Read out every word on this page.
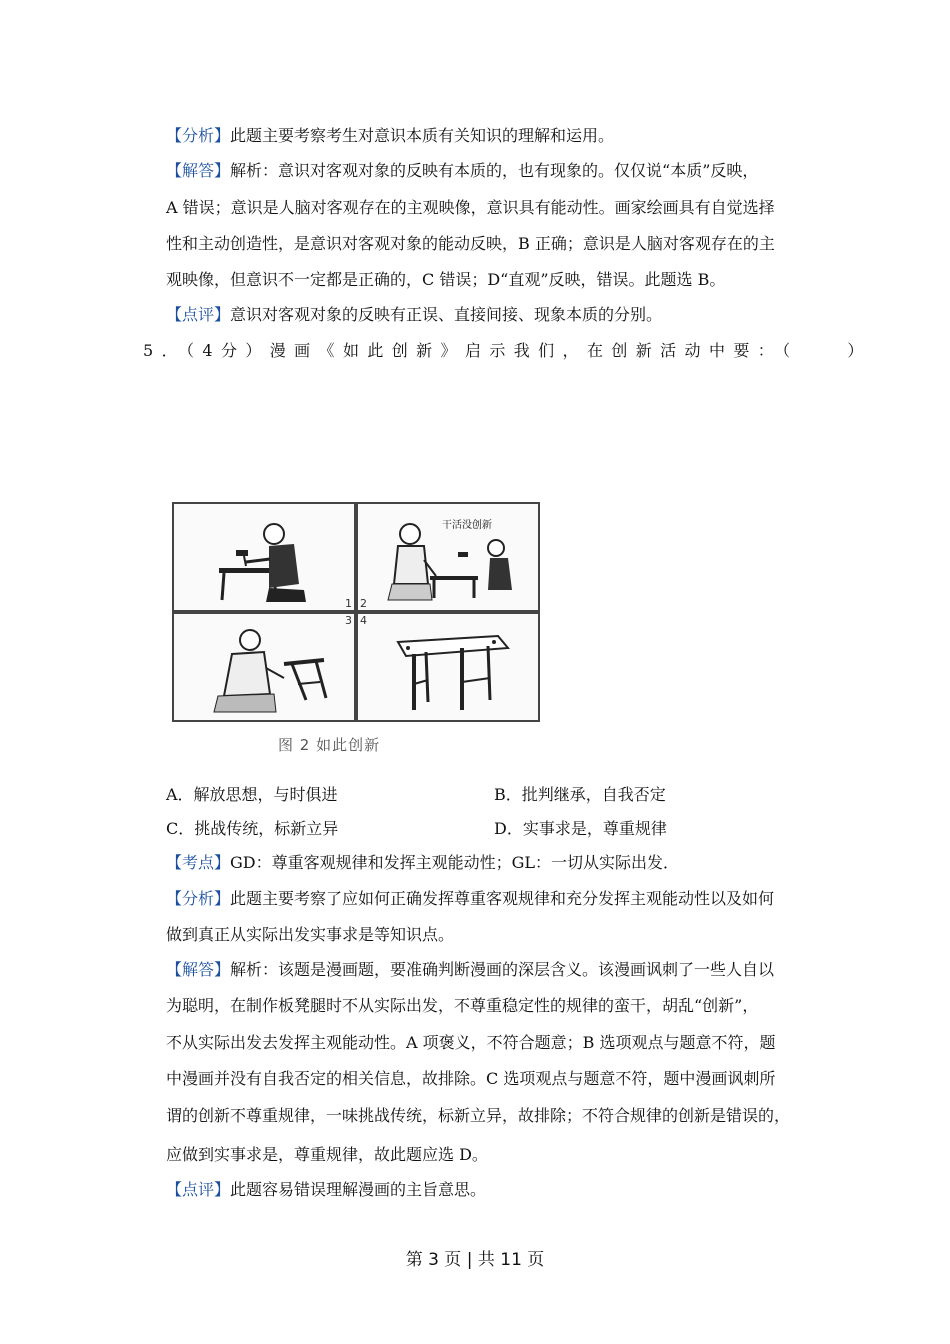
【分析】此题主要考察考生对意识本质有关知识的理解和运用。
【解答】解析：意识对客观对象的反映有本质的，也有现象的。仅仅说“本质”反映，
A 错误；意识是人脑对客观存在的主观映像，意识具有能动性。画家绘画具有自觉选择
性和主动创造性，是意识对客观对象的能动反映，B 正确；意识是人脑对客观存在的主
观映像，但意识不一定都是正确的，C 错误；D“直观”反映，错误。此题选 B。
【点评】意识对客观对象的反映有正误、直接间接、现象本质的分别。
5．（4分）漫画《如此创新》启示我们，在创新活动中要：（　　）
1
干活没创新
2
3 4
图 2 如此创新
A．解放思想，与时俱进	B．批判继承，自我否定
C．挑战传统，标新立异	D．实事求是，尊重规律
【考点】GD：尊重客观规律和发挥主观能动性；GL：一切从实际出发．
【分析】此题主要考察了应如何正确发挥尊重客观规律和充分发挥主观能动性以及如何
做到真正从实际出发实事求是等知识点。
【解答】解析：该题是漫画题，要准确判断漫画的深层含义。该漫画讽刺了一些人自以
为聪明，在制作板凳腿时不从实际出发，不尊重稳定性的规律的蛮干，胡乱“创新”，
不从实际出发去发挥主观能动性。A 项褒义，不符合题意；B 选项观点与题意不符，题
中漫画并没有自我否定的相关信息，故排除。C 选项观点与题意不符，题中漫画讽刺所
谓的创新不尊重规律，一味挑战传统，标新立异，故排除；不符合规律的创新是错误的，
应做到实事求是，尊重规律，故此题应选 D。
【点评】此题容易错误理解漫画的主旨意思。
第 3 页 | 共 11 页
